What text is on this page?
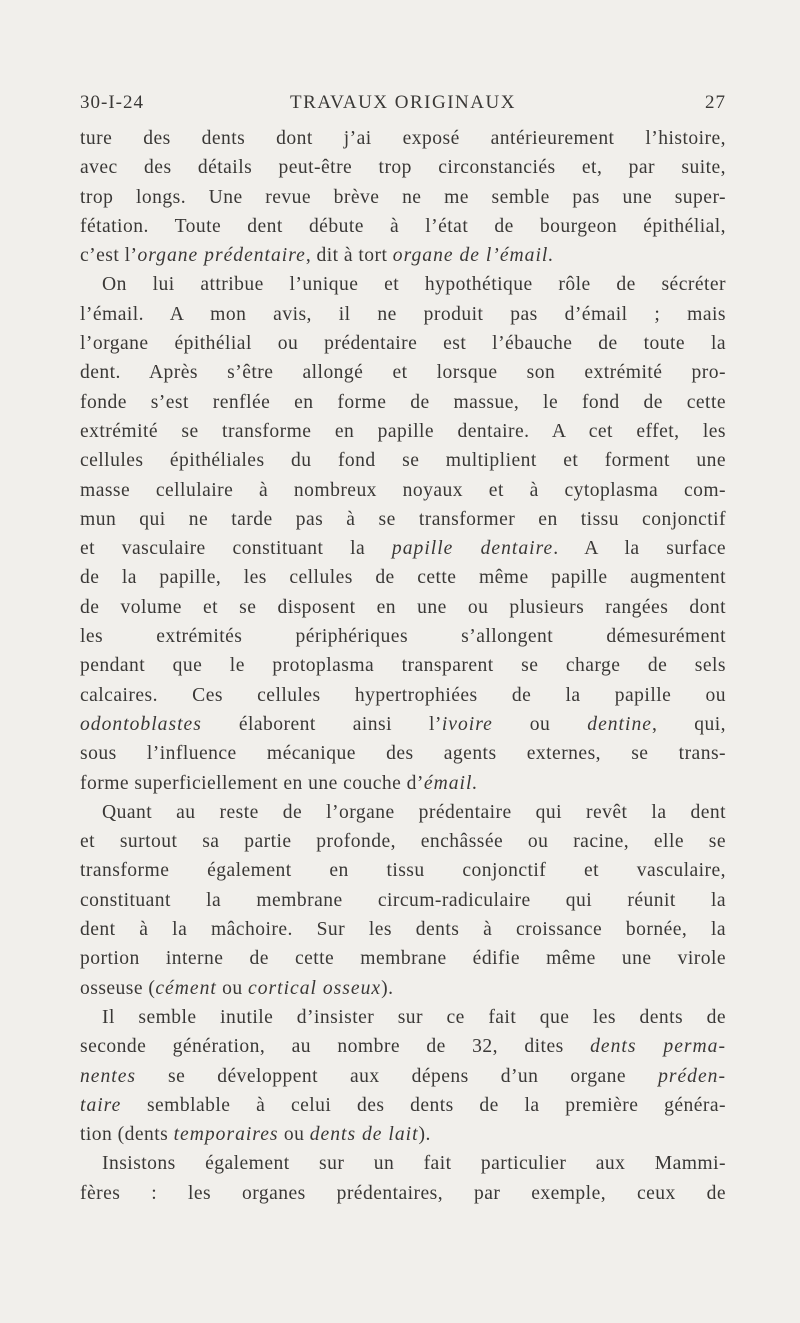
30-I-24	TRAVAUX ORIGINAUX	27
ture des dents dont j’ai exposé antérieurement l’histoire,
avec des détails peut-être trop circonstanciés et, par suite,
trop longs. Une revue brève ne me semble pas une super-
fétation. Toute dent débute à l’état de bourgeon épithélial,
c’est l’organe prédentaire, dit à tort organe de l’émail.
On lui attribue l’unique et hypothétique rôle de sécréter
l’émail. A mon avis, il ne produit pas d’émail ; mais
l’organe épithélial ou prédentaire est l’ébauche de toute la
dent. Après s’être allongé et lorsque son extrémité pro-
fonde s’est renflée en forme de massue, le fond de cette
extrémité se transforme en papille dentaire. A cet effet, les
cellules épithéliales du fond se multiplient et forment une
masse cellulaire à nombreux noyaux et à cytoplasma com-
mun qui ne tarde pas à se transformer en tissu conjonctif
et vasculaire constituant la papille dentaire. A la surface
de la papille, les cellules de cette même papille augmentent
de volume et se disposent en une ou plusieurs rangées dont
les extrémités périphériques s’allongent démesurément
pendant que le protoplasma transparent se charge de sels
calcaires. Ces cellules hypertrophiées de la papille ou
odontoblastes élaborent ainsi l’ivoire ou dentine, qui,
sous l’influence mécanique des agents externes, se trans-
forme superficiellement en une couche d’émail.
Quant au reste de l’organe prédentaire qui revêt la dent
et surtout sa partie profonde, enchâssée ou racine, elle se
transforme également en tissu conjonctif et vasculaire,
constituant la membrane circum-radiculaire qui réunit la
dent à la mâchoire. Sur les dents à croissance bornée, la
portion interne de cette membrane édifie même une virole
osseuse (cément ou cortical osseux).
Il semble inutile d’insister sur ce fait que les dents de
seconde génération, au nombre de 32, dites dents perma-
nentes se développent aux dépens d’un organe préden-
taire semblable à celui des dents de la première généra-
tion (dents temporaires ou dents de lait).
Insistons également sur un fait particulier aux Mammi-
fères : les organes prédentaires, par exemple, ceux de
